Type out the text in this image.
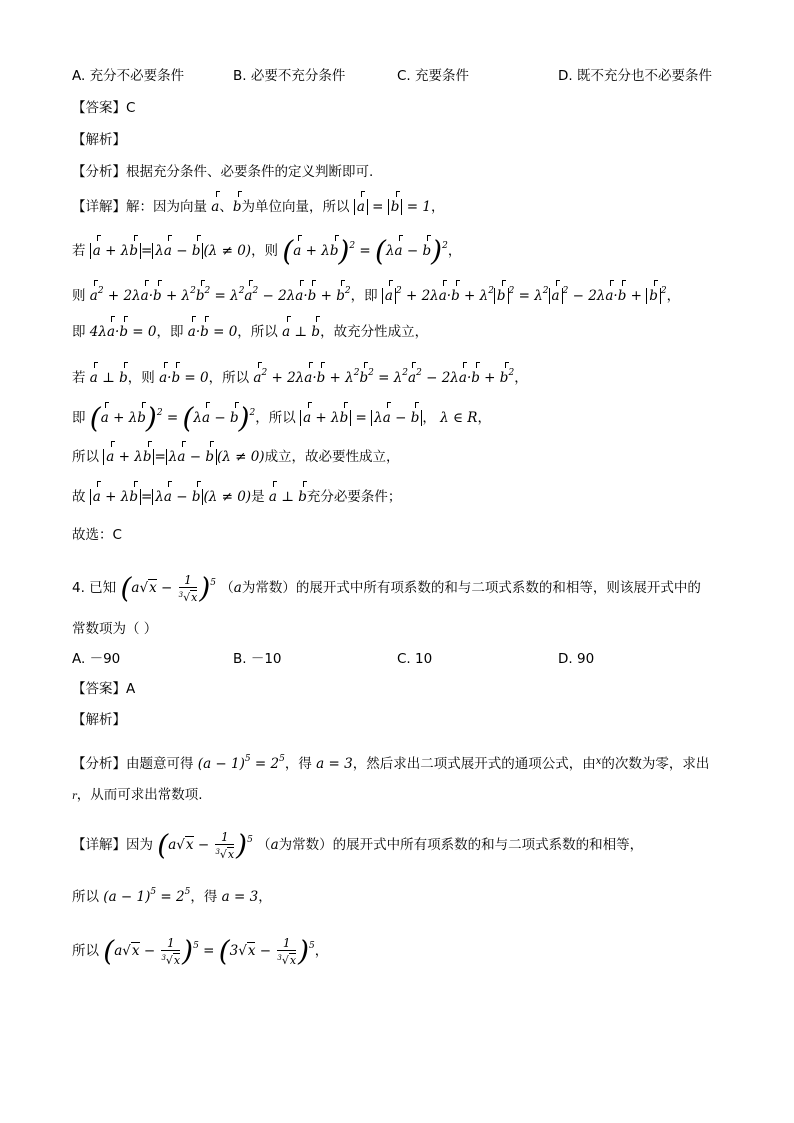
A. 充分不必要条件	B. 必要不充分条件	C. 充要条件	D. 既不充分也不必要条件
【答案】C
【解析】
【分析】根据充分条件、必要条件的定义判断即可.
【详解】解：因为向量 a、b为单位向量，所以 a = b = 1，
若 a + λb = λa − b (λ ≠ 0)，则 $(a + \lambda b)^2 = (\lambda a - b)^2$，
则 $a^2 + 2\lambda a\cdot b + \lambda^2b^2 = \lambda^2a^2 - 2\lambda a\cdot b + b^2$，即 a $^2 + 2\lambda a\cdot b + \lambda^2$ b $^2 = \lambda^2$ a $^2$ − 2λa·b + b $^2$，
即 4λa·b = 0，即 a·b = 0，所以 a ⊥ b，故充分性成立，
若 a ⊥ b，则 a·b = 0，所以 $a^2 + 2\lambda a\cdot b + \lambda^2b^2 = \lambda^2a^2 - 2\lambda a\cdot b + b^2$，
即 $(a + \lambda b)^2 = (\lambda a - b)^2$，所以 a + λb = λa − b ， λ ∈ R，
所以 a + λb = λa − b (λ ≠ 0)成立，故必要性成立，
故 a + λb = λa − b (λ ≠ 0)是 a ⊥ b充分必要条件；
故选：C
4. 已知 $(a√x - \frac{1}{^3√x} )^5$ （a为常数）的展开式中所有项系数的和与二项式系数的和相等，则该展开式中的
常数项为（ ）
A. －90	B. －10	C. 10	D. 90
【答案】A
【解析】
【分析】由题意可得 $(a - 1)^5 = 2^5$，得 a = 3，然后求出二项式展开式的通项公式，由$^x$的次数为零，求出
r，从而可求出常数项.
【详解】因为 $(a√x - \frac{1}{^3√x} )^5$ （a为常数）的展开式中所有项系数的和与二项式系数的和相等，
所以 $(a - 1)^5 = 2^5$，得 a = 3，
所以 $(a√x - \frac{1}{^3√x} )^5 = (3√x - \frac{1}{^3√x} )^5$，
